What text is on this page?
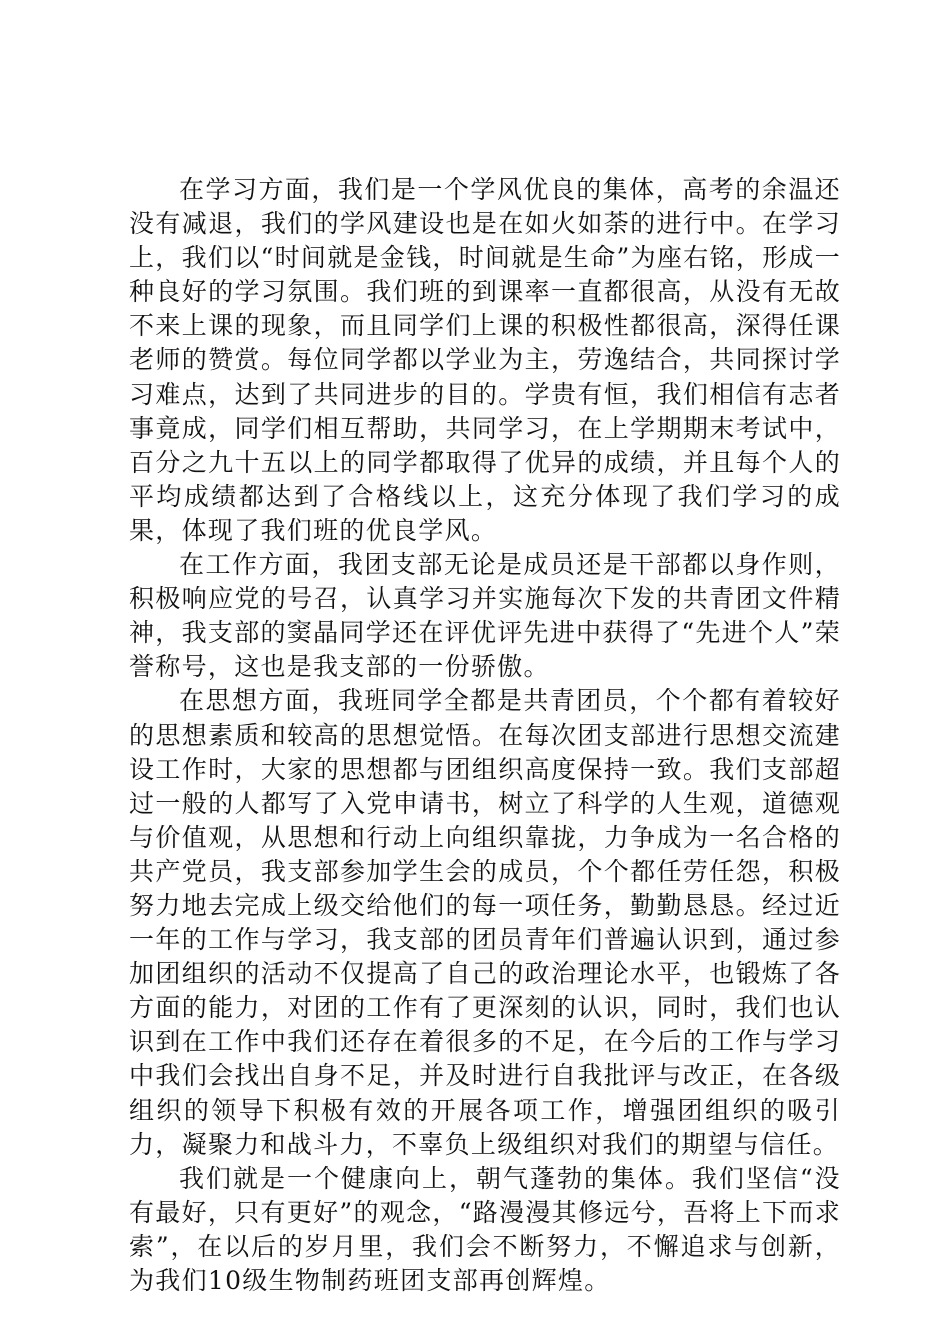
在学习方面，我们是一个学风优良的集体，高考的余温还没有减退，我们的学风建设也是在如火如荼的进行中。在学习上，我们以“时间就是金钱，时间就是生命”为座右铭，形成一种良好的学习氛围。我们班的到课率一直都很高，从没有无故不来上课的现象，而且同学们上课的积极性都很高，深得任课老师的赞赏。每位同学都以学业为主，劳逸结合，共同探讨学习难点，达到了共同进步的目的。学贵有恒，我们相信有志者事竟成，同学们相互帮助，共同学习，在上学期期末考试中，百分之九十五以上的同学都取得了优异的成绩，并且每个人的平均成绩都达到了合格线以上，这充分体现了我们学习的成果，体现了我们班的优良学风。

在工作方面，我团支部无论是成员还是干部都以身作则，积极响应党的号召，认真学习并实施每次下发的共青团文件精神，我支部的窦晶同学还在评优评先进中获得了“先进个人”荣誉称号，这也是我支部的一份骄傲。

在思想方面，我班同学全都是共青团员，个个都有着较好的思想素质和较高的思想觉悟。在每次团支部进行思想交流建设工作时，大家的思想都与团组织高度保持一致。我们支部超过一般的人都写了入党申请书，树立了科学的人生观，道德观与价值观，从思想和行动上向组织靠拢，力争成为一名合格的共产党员，我支部参加学生会的成员，个个都任劳任怨，积极努力地去完成上级交给他们的每一项任务，勤勤恳恳。经过近一年的工作与学习，我支部的团员青年们普遍认识到，通过参加团组织的活动不仅提高了自己的政治理论水平，也锻炼了各方面的能力，对团的工作有了更深刻的认识，同时，我们也认识到在工作中我们还存在着很多的不足，在今后的工作与学习中我们会找出自身不足，并及时进行自我批评与改正，在各级组织的领导下积极有效的开展各项工作，增强团组织的吸引力，凝聚力和战斗力，不辜负上级组织对我们的期望与信任。

我们就是一个健康向上，朝气蓬勃的集体。我们坚信“没有最好，只有更好”的观念，“路漫漫其修远兮，吾将上下而求索”，在以后的岁月里，我们会不断努力，不懈追求与创新，为我们10级生物制药班团支部再创辉煌。
